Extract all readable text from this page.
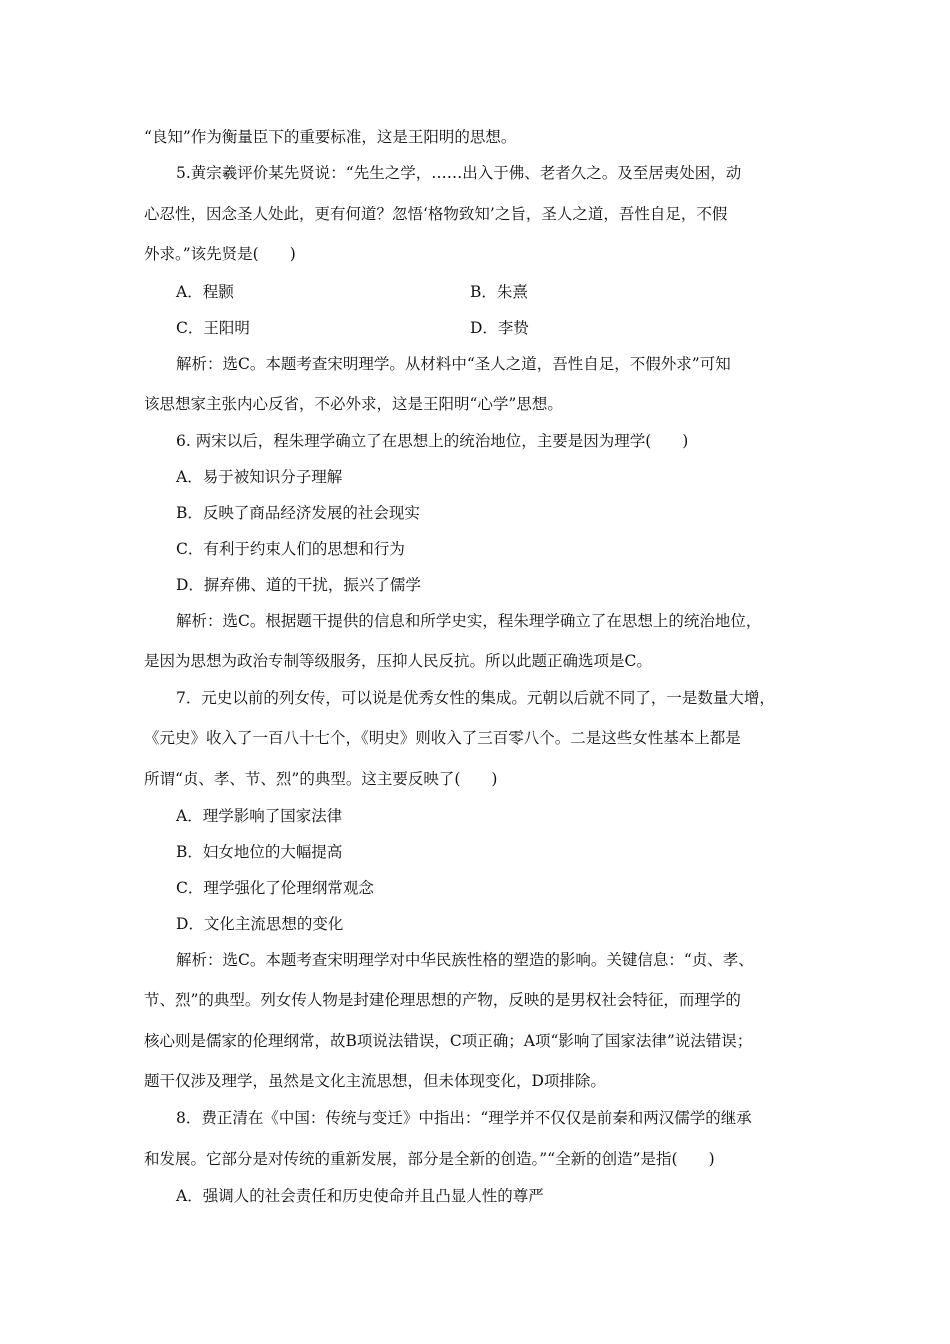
“良知”作为衡量臣下的重要标准，这是王阳明的思想。
5.黄宗羲评价某先贤说：“先生之学，……出入于佛、老者久之。及至居夷处困，动
心忍性，因念圣人处此，更有何道？忽悟‘格物致知’之旨，圣人之道，吾性自足，不假
外求。”该先贤是(　　)
A．程颢	B．朱熹
C．王阳明	D．李贽
解析：选C。本题考查宋明理学。从材料中“圣人之道，吾性自足，不假外求”可知
该思想家主张内心反省，不必外求，这是王阳明“心学”思想。
6. 两宋以后，程朱理学确立了在思想上的统治地位，主要是因为理学(　　)
A．易于被知识分子理解
B．反映了商品经济发展的社会现实
C．有利于约束人们的思想和行为
D．摒弃佛、道的干扰，振兴了儒学
解析：选C。根据题干提供的信息和所学史实，程朱理学确立了在思想上的统治地位，
是因为思想为政治专制等级服务，压抑人民反抗。所以此题正确选项是C。
7．元史以前的列女传，可以说是优秀女性的集成。元朝以后就不同了，一是数量大增，
《元史》收入了一百八十七个，《明史》则收入了三百零八个。二是这些女性基本上都是
所谓“贞、孝、节、烈”的典型。这主要反映了(　　)
A．理学影响了国家法律
B．妇女地位的大幅提高
C．理学强化了伦理纲常观念
D．文化主流思想的变化
解析：选C。本题考查宋明理学对中华民族性格的塑造的影响。关键信息：“贞、孝、
节、烈”的典型。列女传人物是封建伦理思想的产物，反映的是男权社会特征，而理学的
核心则是儒家的伦理纲常，故B项说法错误，C项正确；A项“影响了国家法律”说法错误；
题干仅涉及理学，虽然是文化主流思想，但未体现变化，D项排除。
8．费正清在《中国：传统与变迁》中指出：“理学并不仅仅是前秦和两汉儒学的继承
和发展。它部分是对传统的重新发展，部分是全新的创造。”“全新的创造”是指(　　)
A．强调人的社会责任和历史使命并且凸显人性的尊严
